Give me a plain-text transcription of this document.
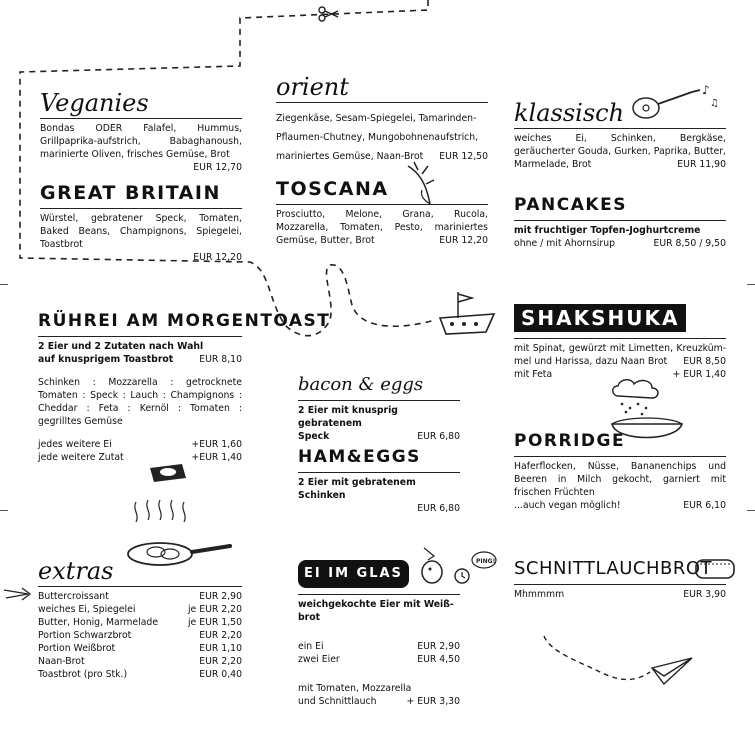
Veganies
Bondas ODER Falafel, Hummus, Grillpaprika-aufstrich, Babaghanoush, marinierte Oliven, frisches Gemüse, Brot
EUR 12,70
GREAT BRITAIN
Würstel, gebratener Speck, Tomaten, Baked Beans, Champignons, Spiegelei, Toastbrot
EUR 12,20
orient
Ziegenkäse, Sesam-Spiegelei, Tamarinden-Pflaumen-Chutney, Mungobohnenaufstrich, mariniertes Gemüse, Naan-Brot EUR 12,50
TOSCANA
Prosciutto, Melone, Grana, Rucola, Mozzarella, Tomaten, Pesto, mariniertes Gemüse, Butter, Brot	EUR 12,20
klassisch
weiches Ei, Schinken, Bergkäse, geräucherter Gouda, Gurken, Paprika, Butter, Marmelade, Brot	EUR 11,90
♪
♫
PANCAKES
mit fruchtiger Topfen-Joghurtcreme
ohne / mit Ahornsirup	EUR 8,50 / 9,50
RÜHREI AM MORGENTOAST
2 Eier und 2 Zutaten nach Wahl
auf knusprigem Toastbrot	EUR 8,10
Schinken : Mozzarella : getrocknete Tomaten : Speck : Lauch : Champignons : Cheddar : Feta : Kernöl : Tomaten : gegrilltes Gemüse
jedes weitere Ei	+EUR 1,60
jede weitere Zutat	+EUR 1,40
bacon & eggs
2 Eier mit knusprig gebratenem
Speck	EUR 6,80
HAM&EGGS
2 Eier mit gebratenem Schinken
EUR 6,80
SHAKSHUKA
mit Spinat, gewürzt mit Limetten, Kreuzküm-mel und Harissa, dazu Naan Brot	EUR 8,50
mit Feta	+ EUR 1,40
PORRIDGE
Haferflocken, Nüsse, Bananenchips und Beeren in Milch gekocht, garniert mit frischen Früchten
...auch vegan möglich!	EUR 6,10
extras
Buttercroissant	EUR 2,90
weiches Ei, Spiegelei	je EUR 2,20
Butter, Honig, Marmelade	je EUR 1,50
Portion Schwarzbrot	EUR 2,20
Portion Weißbrot	EUR 1,10
Naan-Brot	EUR 2,20
Toastbrot (pro Stk.)	EUR 0,40
EI IM GLAS
weichgekochte Eier mit Weiß-brot
ein Ei	EUR 2,90
zwei Eier	EUR 4,50
mit Tomaten, Mozzarella
und Schnittlauch	+ EUR 3,30
PING! SCHNITTLAUCHBROT
Mhmmmm	EUR 3,90
